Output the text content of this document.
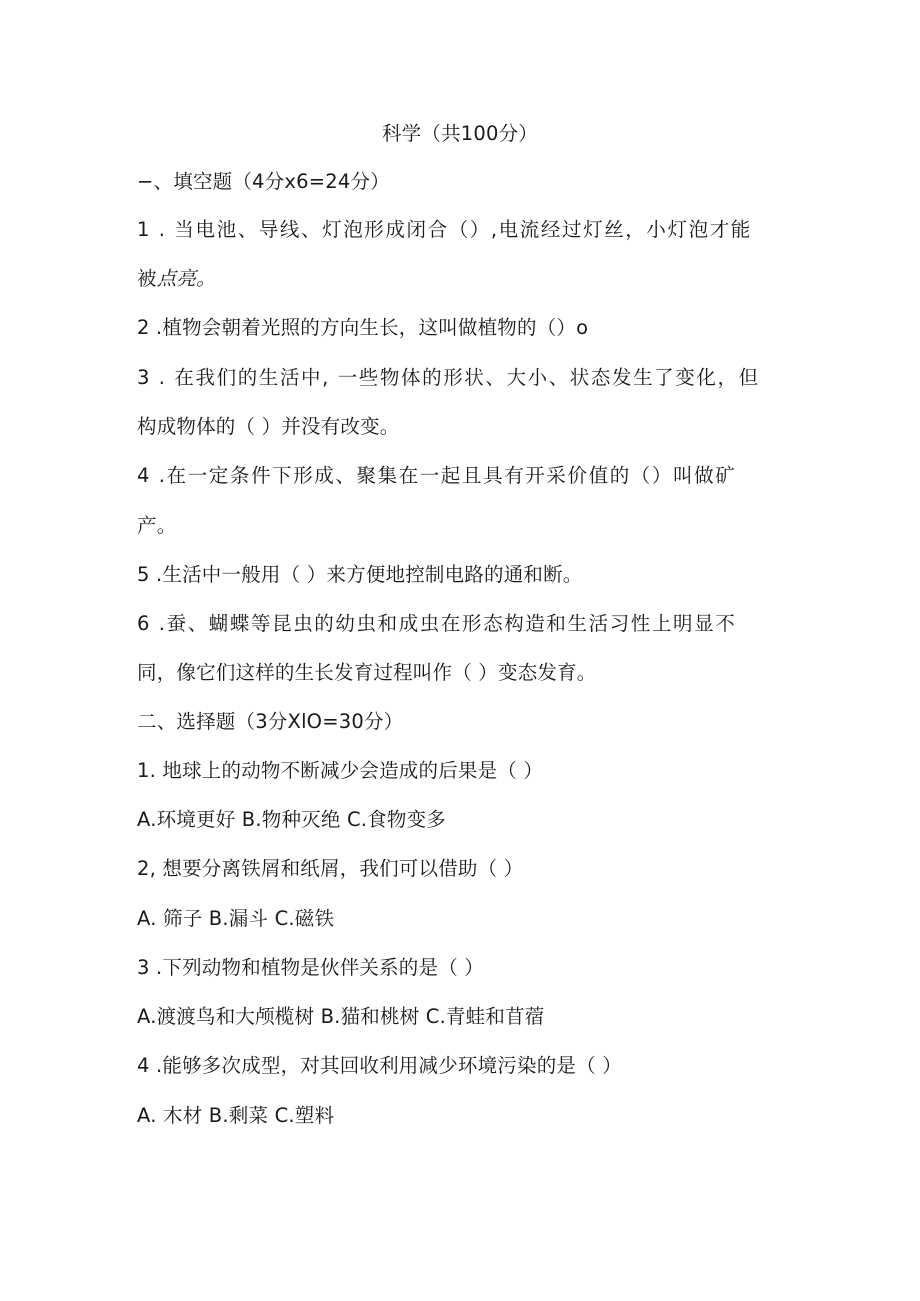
科学（共100分）
−、填空题（4分x6=24分）
1 . 当电池、导线、灯泡形成闭合（）,电流经过灯丝，小灯泡才能
被点亮。
2 .植物会朝着光照的方向生长，这叫做植物的（）o
3 . 在我们的生活中, 一些物体的形状、大小、状态发生了变化，但
构成物体的（ ）并没有改变。
4 .在一定条件下形成、聚集在一起且具有开采价值的（）叫做矿
产。
5 .生活中一般用（ ）来方便地控制电路的通和断。
6 .蚕、蝴蝶等昆虫的幼虫和成虫在形态构造和生活习性上明显不
同，像它们这样的生长发育过程叫作（ ）变态发育。
二、选择题（3分XlO=30分）
1. 地球上的动物不断减少会造成的后果是（ ）
A.环境更好 B.物种灭绝 C.食物变多
2, 想要分离铁屑和纸屑，我们可以借助（ ）
A. 筛子 B.漏斗 C.磁铁
3 .下列动物和植物是伙伴关系的是（ ）
A.渡渡鸟和大颅榄树 B.猫和桃树 C.青蛙和苜蓿
4 .能够多次成型，对其回收利用减少环境污染的是（ ）
A. 木材 B.剩菜 C.塑料
